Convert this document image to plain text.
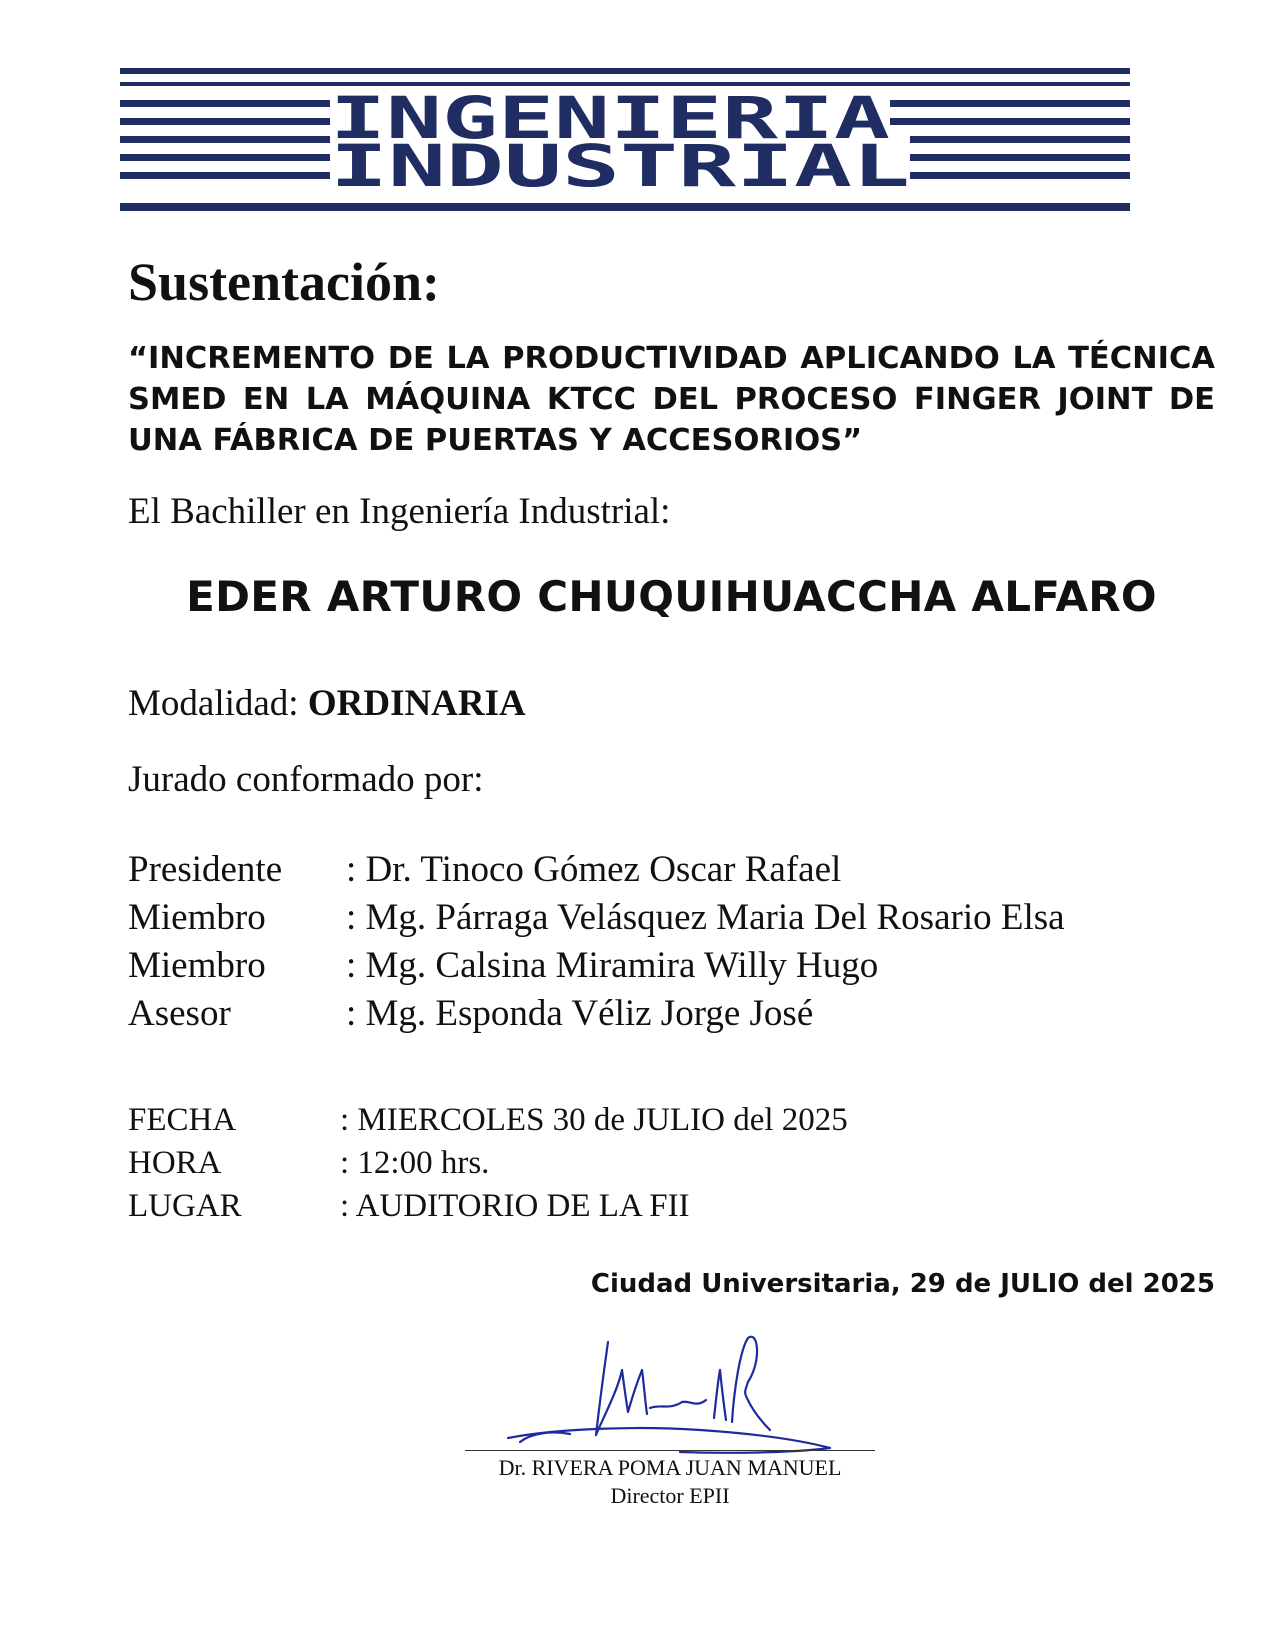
INGENIERIA
INDUSTRIAL
Sustentación:

“INCREMENTO DE LA PRODUCTIVIDAD APLICANDO LA TÉCNICA SMED EN LA MÁQUINA KTCC DEL PROCESO FINGER JOINT DE UNA FÁBRICA DE PUERTAS Y ACCESORIOS”

El Bachiller en Ingeniería Industrial:
EDER ARTURO CHUQUIHUACCHA ALFARO
Modalidad: ORDINARIA
Jurado conformado por:
Presidente : Dr. Tinoco Gómez Oscar Rafael
Miembro : Mg. Párraga Velásquez Maria Del Rosario Elsa
Miembro : Mg. Calsina Miramira Willy Hugo
Asesor	: Mg. Esponda Véliz Jorge José
FECHA	: MIERCOLES 30 de JULIO del 2025
HORA	: 12:00 hrs.
LUGAR	: AUDITORIO DE LA FII
Ciudad Universitaria, 29 de JULIO del 2025
Dr. RIVERA POMA JUAN MANUEL
Director EPII
